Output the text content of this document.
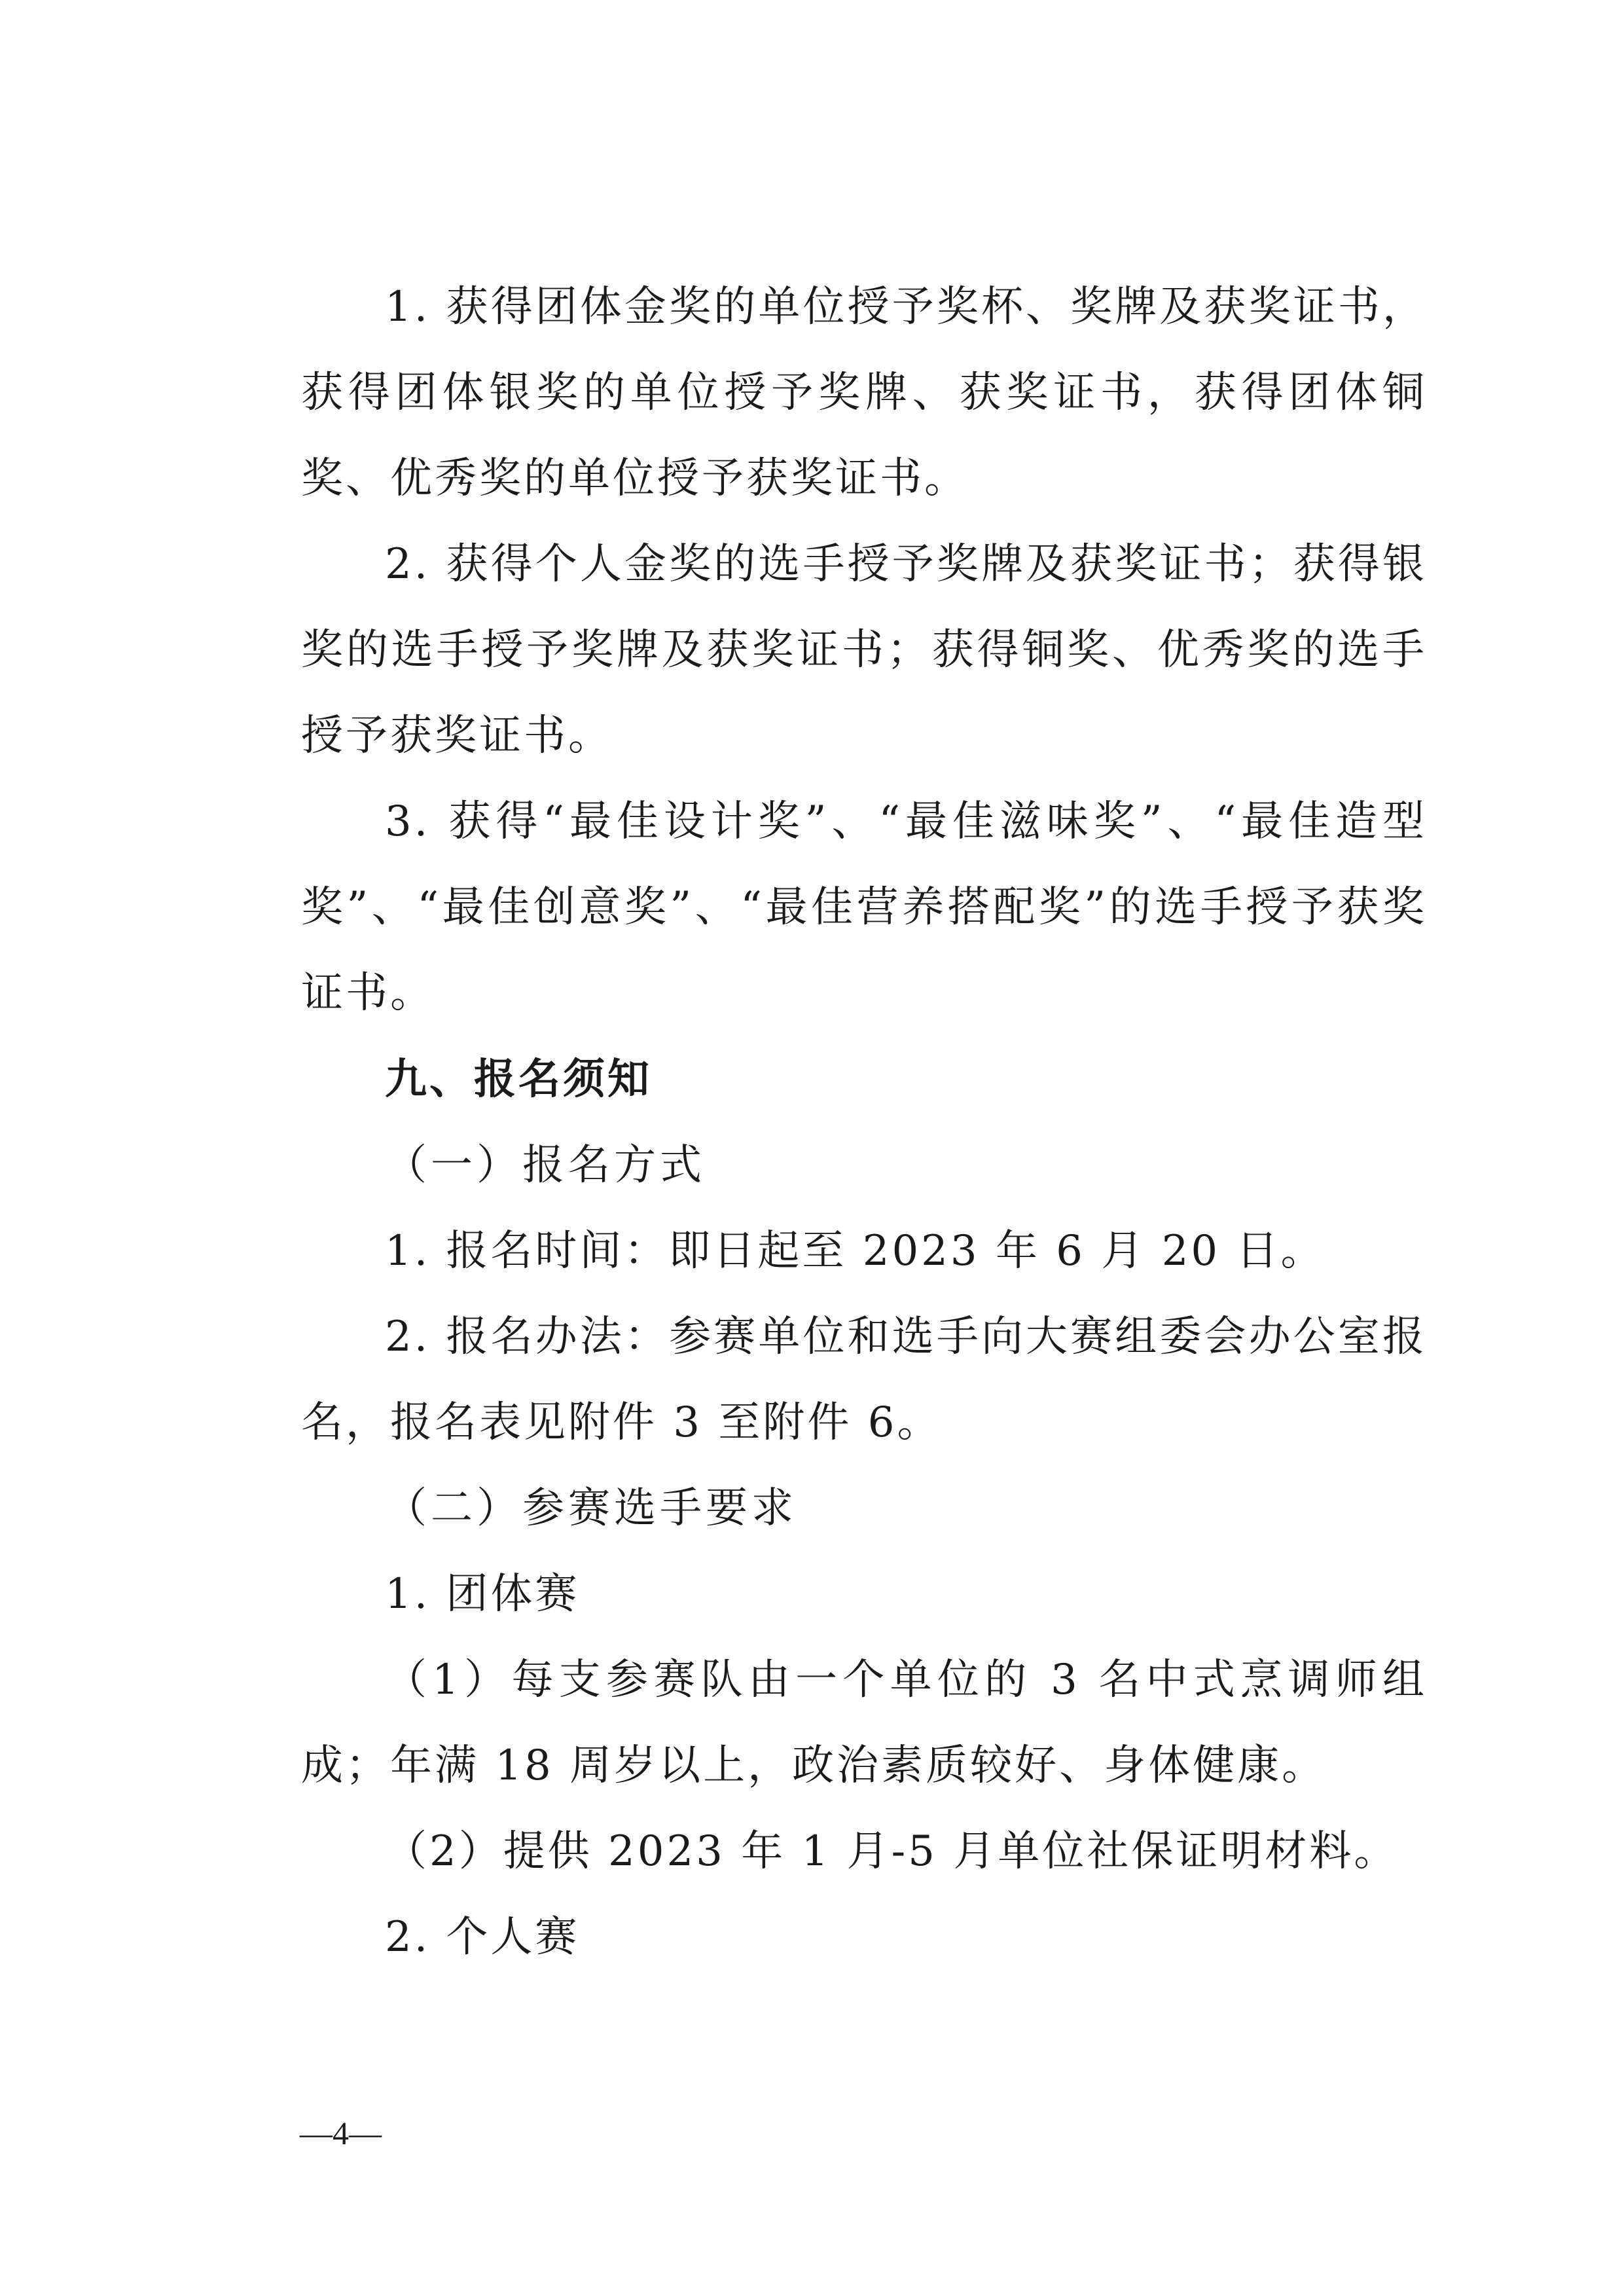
1. 获得团体金奖的单位授予奖杯、奖牌及获奖证书，获得团体银奖的单位授予奖牌、获奖证书，获得团体铜奖、优秀奖的单位授予获奖证书。

2. 获得个人金奖的选手授予奖牌及获奖证书；获得银奖的选手授予奖牌及获奖证书；获得铜奖、优秀奖的选手授予获奖证书。

3. 获得“最佳设计奖”、“最佳滋味奖”、“最佳造型奖”、“最佳创意奖”、“最佳营养搭配奖”的选手授予获奖证书。

九、报名须知

（一）报名方式

1. 报名时间：即日起至 2023 年 6 月 20 日。

2. 报名办法：参赛单位和选手向大赛组委会办公室报名，报名表见附件 3 至附件 6。

（二）参赛选手要求

1. 团体赛

（1）每支参赛队由一个单位的 3 名中式烹调师组成；年满 18 周岁以上，政治素质较好、身体健康。

（2）提供 2023 年 1 月-5 月单位社保证明材料。

2. 个人赛

—4—
